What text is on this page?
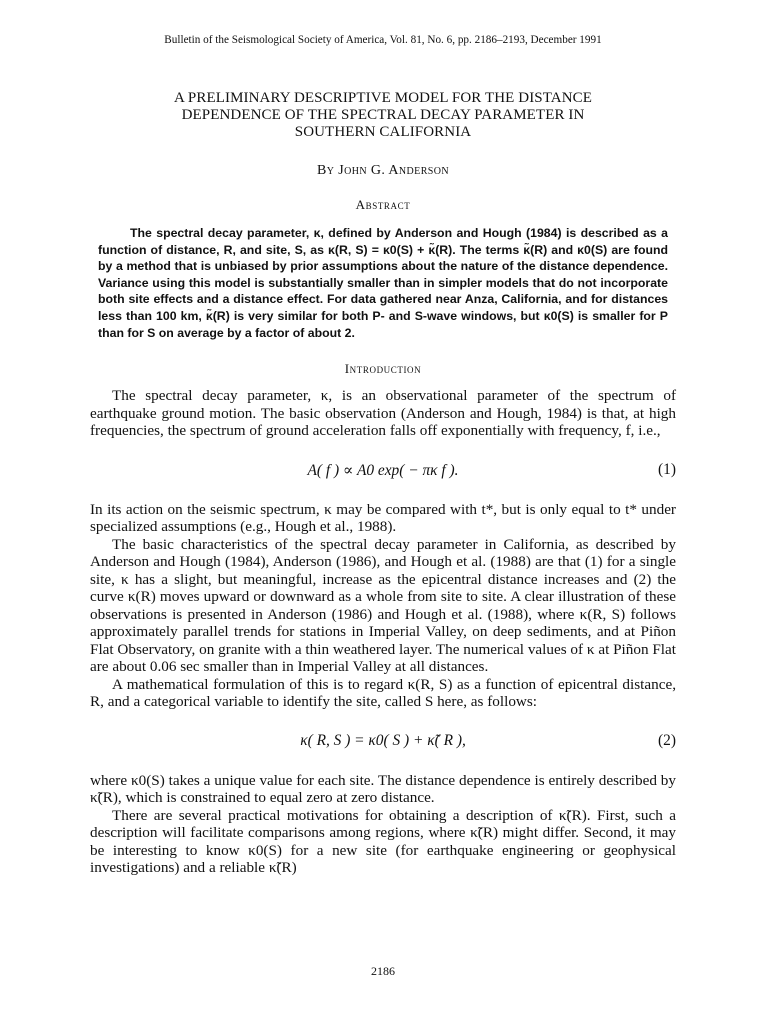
Bulletin of the Seismological Society of America, Vol. 81, No. 6, pp. 2186–2193, December 1991

A PRELIMINARY DESCRIPTIVE MODEL FOR THE DISTANCE

DEPENDENCE OF THE SPECTRAL DECAY PARAMETER IN

SOUTHERN CALIFORNIA

By John G. Anderson
Abstract

The spectral decay parameter, κ, defined by Anderson and Hough (1984) is described as a function of distance, R, and site, S, as κ(R, S) = κ0(S) + κ̃(R). The terms κ̃(R) and κ0(S) are found by a method that is unbiased by prior assumptions about the nature of the distance dependence. Variance using this model is substantially smaller than in simpler models that do not incorporate both site effects and a distance effect. For data gathered near Anza, California, and for distances less than 100 km, κ̃(R) is very similar for both P- and S-wave windows, but κ0(S) is smaller for P than for S on average by a factor of about 2.

Introduction

The spectral decay parameter, κ, is an observational parameter of the spectrum of earthquake ground motion. The basic observation (Anderson and Hough, 1984) is that, at high frequencies, the spectrum of ground acceleration falls off exponentially with frequency, f, i.e.,

A( f ) ∝ A0 exp( − πκ f ).	(1)

In its action on the seismic spectrum, κ may be compared with t*, but is only equal to t* under specialized assumptions (e.g., Hough et al., 1988).

The basic characteristics of the spectral decay parameter in California, as described by Anderson and Hough (1984), Anderson (1986), and Hough et al. (1988) are that (1) for a single site, κ has a slight, but meaningful, increase as the epicentral distance increases and (2) the curve κ(R) moves upward or downward as a whole from site to site. A clear illustration of these observations is presented in Anderson (1986) and Hough et al. (1988), where κ(R, S) follows approximately parallel trends for stations in Imperial Valley, on deep sediments, and at Piñon Flat Observatory, on granite with a thin weathered layer. The numerical values of κ at Piñon Flat are about 0.06 sec smaller than in Imperial Valley at all distances.

A mathematical formulation of this is to regard κ(R, S) as a function of epicentral distance, R, and a categorical variable to identify the site, called S here, as follows:

κ( R, S ) = κ0( S ) + κ̃( R ),	(2)

where κ0(S) takes a unique value for each site. The distance dependence is entirely described by κ̃(R), which is constrained to equal zero at zero distance.

There are several practical motivations for obtaining a description of κ̃(R). First, such a description will facilitate comparisons among regions, where κ̃(R) might differ. Second, it may be interesting to know κ0(S) for a new site (for earthquake engineering or geophysical investigations) and a reliable κ̃(R)

2186
